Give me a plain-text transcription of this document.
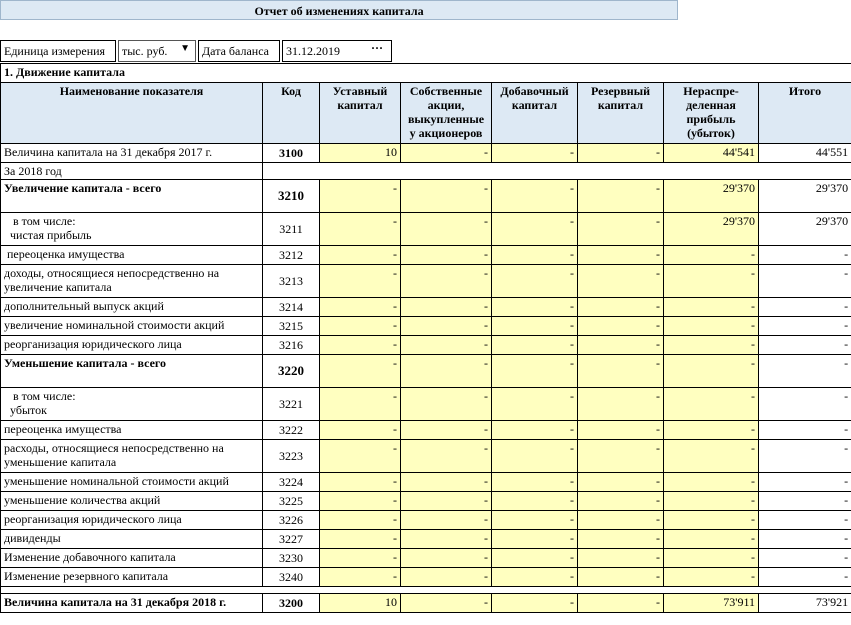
Отчет об изменениях капитала
Единица измерения	тыс. руб. ▼	Дата баланса	31.12.2019	···
1. Движение капитала							
Наименование показателя	Код	Уставный капитал	Собственные акции, выкупленные у акционеров	Добавочный капитал	Резервный капитал	Нераспре-деленная прибыль (убыток)	Итого
Величина капитала на 31 декабря 2017 г.	3100	10	-	-	-	44'541	44'551
За 2018 год							
Увеличение капитала - всего	3210	-	-	-	-	29'370	29'370
в том числе:
чистая прибыль	3211	-	-	-	-	29'370	29'370
переоценка имущества	3212	-	-	-	-	-	-
доходы, относящиеся непосредственно на увеличение капитала	3213	-	-	-	-	-	-
дополнительный выпуск акций	3214	-	-	-	-	-	-
увеличение номинальной стоимости акций	3215	-	-	-	-	-	-
реорганизация юридического лица	3216	-	-	-	-	-	-
Уменьшение капитала - всего	3220	-	-	-	-	-	-
в том числе:
убыток	3221	-	-	-	-	-	-
переоценка имущества	3222	-	-	-	-	-	-
расходы, относящиеся непосредственно на уменьшение капитала	3223	-	-	-	-	-	-
уменьшение номинальной стоимости акций	3224	-	-	-	-	-	-
уменьшение количества акций	3225	-	-	-	-	-	-
реорганизация юридического лица	3226	-	-	-	-	-	-
дивиденды	3227	-	-	-	-	-	-
Изменение добавочного капитала	3230	-	-	-	-	-	-
Изменение резервного капитала	3240	-	-	-	-	-	-

Величина капитала на 31 декабря 2018 г.	3200	10	-	-	-	73'911	73'921
